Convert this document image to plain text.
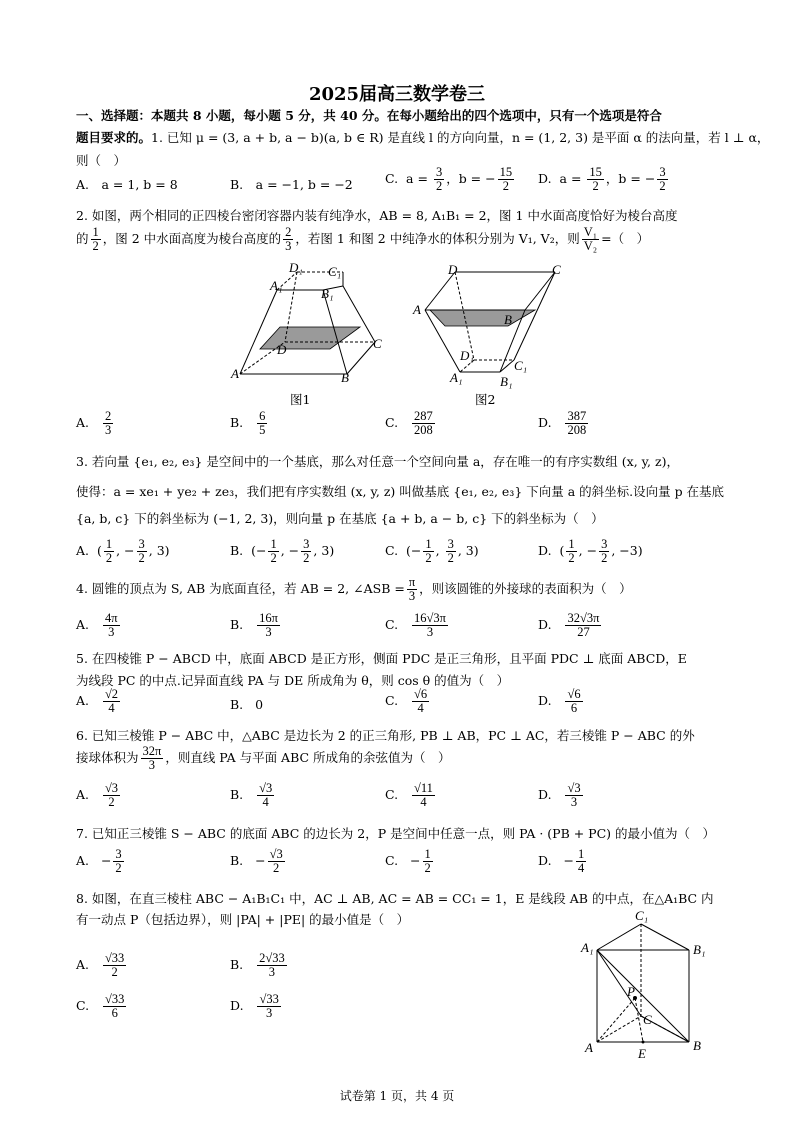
2025届高三数学卷三
一、选择题：本题共 8 小题，每小题 5 分，共 40 分。在每小题给出的四个选项中，只有一个选项是符合
题目要求的。1. 已知 μ = (3, a + b, a − b)(a, b ∈ R) 是直线 l 的方向向量，n = (1, 2, 3) 是平面 α 的法向量，若 l ⊥ α，
则（　）
A.　a = 1, b = 8	B.　a = −1, b = −2	C. $a = \frac{3}{2}$ ，b = − $\frac{15}{2} D$. $a = \frac{15}{2}$ ，b = − $\frac{3}{2}$
2. 如图，两个相同的正四棱台密闭容器内装有纯净水，AB = 8, A₁B₁ = 2，图 1 中水面高度恰好为棱台高度
的 $\frac{1}{2}$ ，图 2 中水面高度为棱台高度的 $\frac{2}{3}$ ，若图 1 和图 2 中纯净水的体积分别为 V₁, V₂，则 $\frac{\text{V₁}}{\text{V₂}}$ =（　）
D₁ C₁
A₁
B₁
D	C
A	B
图1
D	C
A
B
D₁
C₁
A₁	B₁
图2
A. $\frac{2}{3}$	B. $\frac{6}{5}$	C. $\frac{287}{208}$	D. $\frac{387}{208}$
3. 若向量 {e₁, e₂, e₃} 是空间中的一个基底，那么对任意一个空间向量 a，存在唯一的有序实数组 (x, y, z)，
使得：a = xe₁ + ye₂ + ze₃，我们把有序实数组 (x, y, z) 叫做基底 {e₁, e₂, e₃} 下向量 a 的斜坐标.设向量 p 在基底
{a, b, c} 下的斜坐标为 (−1, 2, 3)，则向量 p 在基底 {a + b, a − b, c} 下的斜坐标为（　）
A.  ( $\frac{1}{2}$ , − $\frac{3}{2}$ , 3)	B.  (− $\frac{1}{2}$ , − $\frac{3}{2}$ , 3)	C.  (− $\frac{1}{2}$ , $\frac{3}{2}$ , 3)	D.  ( $\frac{1}{2}$ , − $\frac{3}{2}$ , −3)
4. 圆锥的顶点为 S, AB 为底面直径，若 AB = 2, ∠ASB = $\frac{\pi}{3}$ ，则该圆锥的外接球的表面积为（　）
A. $\frac{4\pi}{3}$	B. $\frac{16\pi}{3}$	C. $\frac{16√3\pi}{3}$	D. $\frac{32√3\pi}{27}$
5. 在四棱锥 P − ABCD 中，底面 ABCD 是正方形，侧面 PDC 是正三角形，且平面 PDC ⊥ 底面 ABCD，E
为线段 PC 的中点.记异面直线 PA 与 DE 所成角为 θ，则 cos θ 的值为（　）
A. $\frac{√2}{4}$	B. 0	C. $\frac{√6}{4}$	D. $\frac{√6}{6}$
6. 已知三棱锥 P − ABC 中，△ABC 是边长为 2 的正三角形, PB ⊥ AB，PC ⊥ AC，若三棱锥 P − ABC 的外
接球体积为 $\frac{32\pi}{3}$ ，则直线 PA 与平面 ABC 所成角的余弦值为（　）
A. $\frac{√3}{2}$	B. $\frac{√3}{4}$	C. $\frac{√11}{4}$	D. $\frac{√3}{3}$
7. 已知正三棱锥 S − ABC 的底面 ABC 的边长为 2，P 是空间中任意一点，则 PA · (PB + PC) 的最小值为（　）
A. − $\frac{3}{2}$	B. − $\frac{√3}{2}$	C. − $\frac{1}{2}$	D. − $\frac{1}{4}$
8. 如图，在直三棱柱 ABC − A₁B₁C₁ 中，AC ⊥ AB, AC = AB = CC₁ = 1，E 是线段 AB 的中点，在△A₁BC 内
有一动点 P（包括边界），则 |PA| + |PE| 的最小值是（　）
A. $\frac{√33}{2}$	B. $\frac{2√33}{3}$
C. $\frac{√33}{6}$	D. $\frac{√33}{3}$
C₁
A₁	B₁
P
C
A	E
B
试卷第 1 页，共 4 页
